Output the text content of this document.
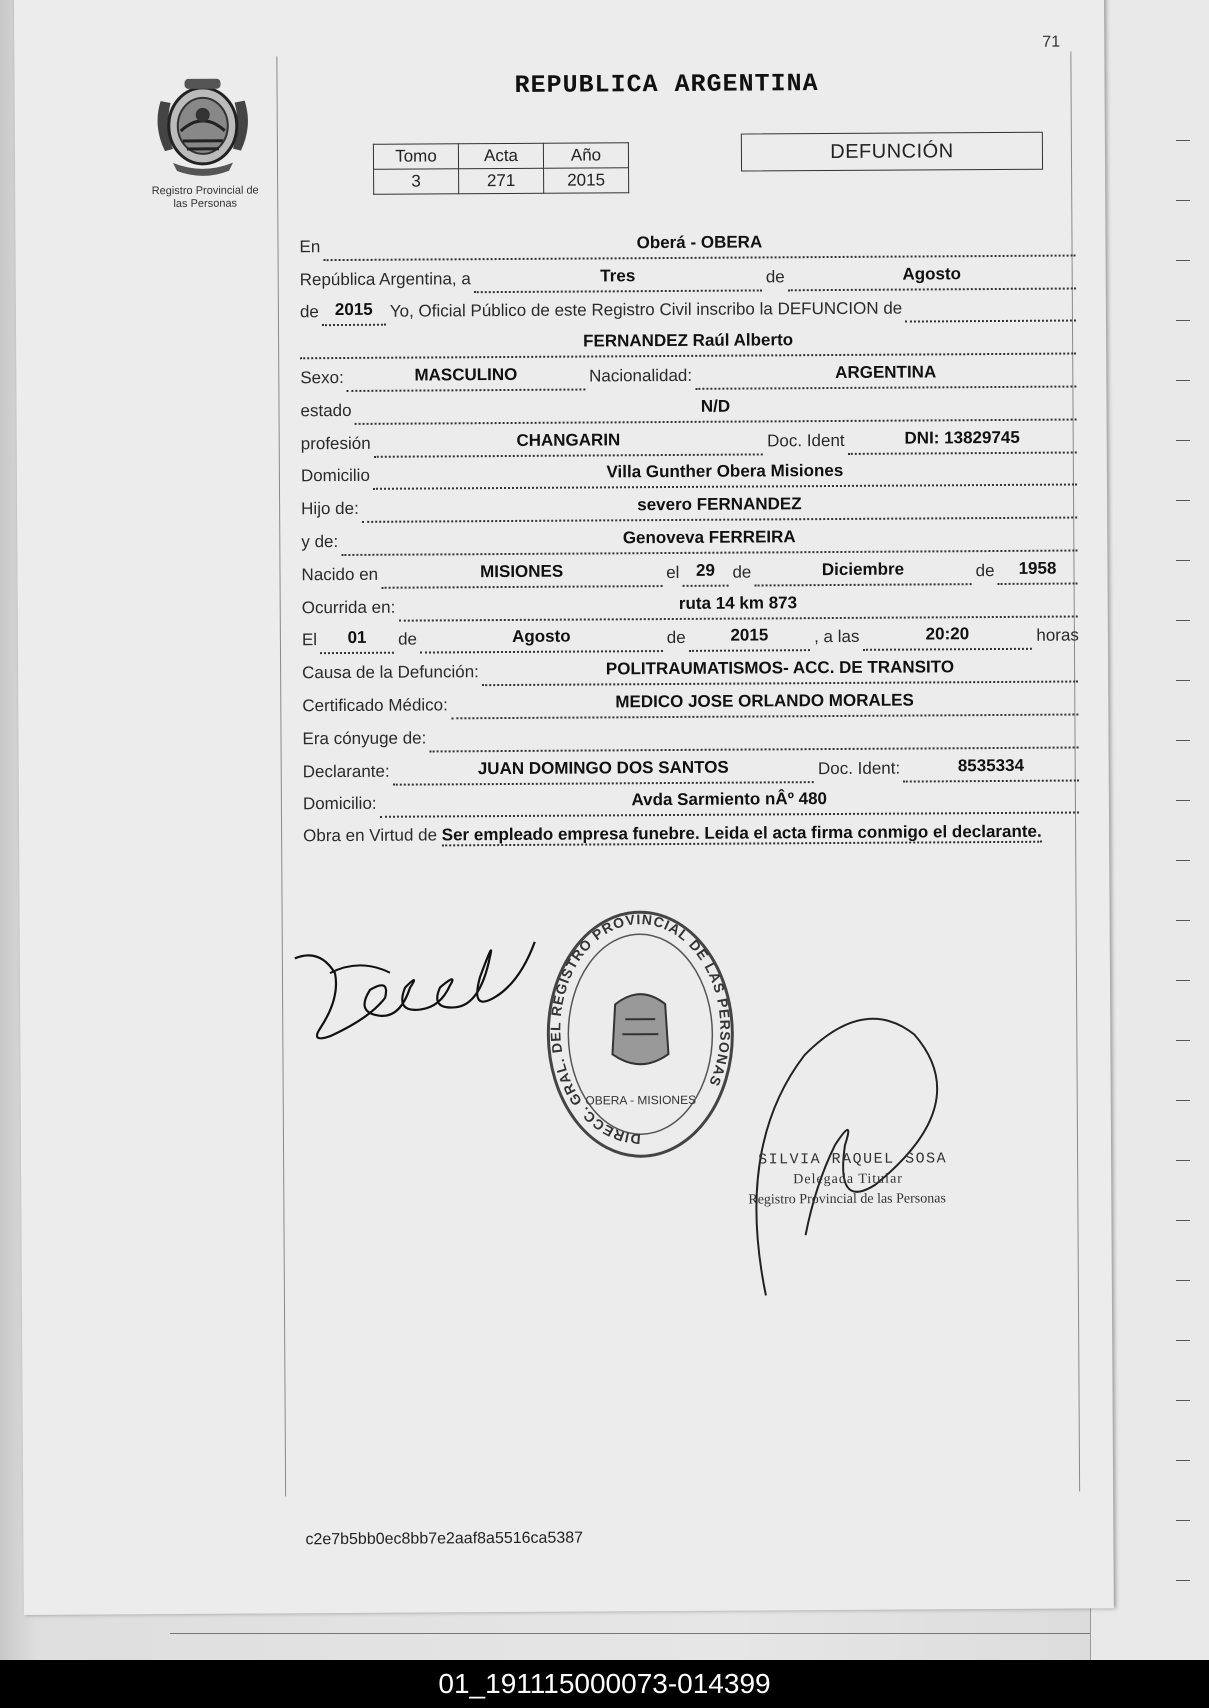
71
Registro Provincial de
las Personas
REPUBLICA ARGENTINA
Tomo	Acta	Año
3	271	2015
DEFUNCIÓN
En	Oberá - OBERA
República Argentina, a	Tres	de	Agosto
de 2015 Yo, Oficial Público de este Registro Civil inscribo la DEFUNCION de
FERNANDEZ Raúl Alberto
Sexo:	MASCULINO	Nacionalidad:	ARGENTINA
estado	N/D
profesión	CHANGARIN	Doc. Ident	DNI: 13829745
Domicilio	Villa Gunther Obera Misiones
Hijo de:	severo FERNANDEZ
y de:	Genoveva FERREIRA
Nacido en	MISIONES	el 29	de	Diciembre	de	1958
Ocurrida en:	ruta 14 km 873
El	01	de	Agosto	de	2015	, a las	20:20	horas
Causa de la Defunción:	POLITRAUMATISMOS- ACC. DE TRANSITO
Certificado Médico:	MEDICO JOSE ORLANDO MORALES
Era cónyuge de:
Declarante:	JUAN DOMINGO DOS SANTOS	Doc. Ident:	8535334
Domicilio:	Avda Sarmiento nÂº 480
Obra en Virtud de Ser empleado empresa funebre. Leida el acta firma conmigo el declarante.
DIRECC. GRAL. DEL REGISTRO PROVINCIAL DE LAS PERSONAS
OBERA - MISIONES
SILVIA RAQUEL SOSA
Delegada Titular
Registro Provincial de las Personas
c2e7b5bb0ec8bb7e2aaf8a5516ca5387
01_191115000073-014399
